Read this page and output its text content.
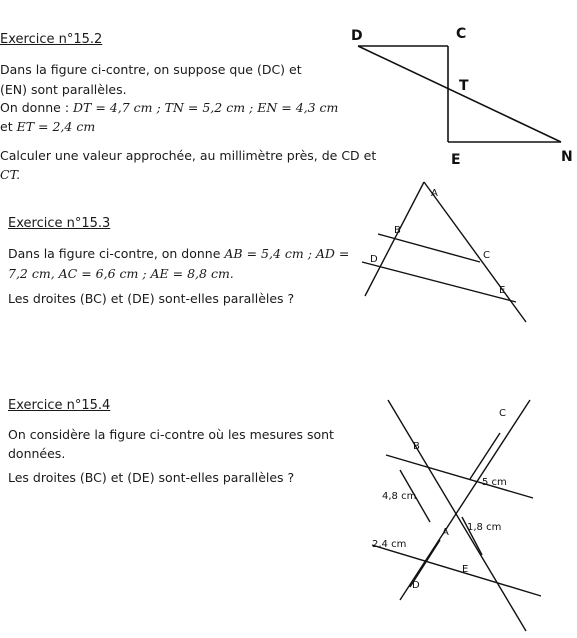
Exercice n°15.2
Dans la figure ci-contre, on suppose que (DC) et
(EN) sont parallèles.
On donne : DT = 4,7 cm ; TN = 5,2 cm ; EN = 4,3 cm
et ET = 2,4 cm
Calculer une valeur approchée, au millimètre près, de CD et
CT.
Exercice n°15.3
Dans la figure ci-contre, on donne AB = 5,4 cm ; AD =
7,2 cm, AC = 6,6 cm ; AE = 8,8 cm.
Les droites (BC) et (DE) sont-elles parallèles ?
Exercice n°15.4
On considère la figure ci-contre où les mesures sont
données.
Les droites (BC) et (DE) sont-elles parallèles ?
D	C
T
E	N
A
B
C
D
E
C
B
A
E
D
5 cm
4,8 cm
1,8 cm
2,4 cm
